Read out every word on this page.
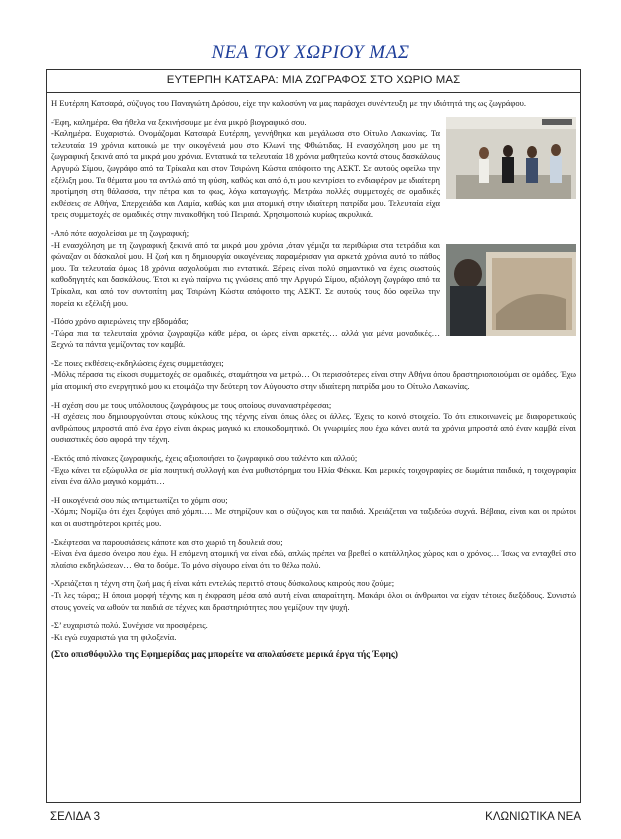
ΝΕΑ ΤΟΥ ΧΩΡΙΟΥ ΜΑΣ
ΕΥΤΕΡΠΗ ΚΑΤΣΑΡΑ: ΜΙΑ ΖΩΓΡΑΦΟΣ ΣΤΟ ΧΩΡΙΟ ΜΑΣ

Η Ευτέρπη Κατσαρά, σύζυγος του Παναγιώτη Δρόσου, είχε την καλοσύνη να μας παράσχει συνέντευξη με την ιδιότητά της ως ζωγράφου.

-Έφη, καλημέρα. Θα ήθελα να ξεκινήσουμε με ένα μικρό βιογραφικό σου.

-Καλημέρα. Ευχαριστώ. Ονομάζομαι Κατσαρά Ευτέρπη, γεννήθηκα και μεγάλωσα στο Οίτυλο Λακωνίας. Τα τελευταία 19 χρόνια κατοικώ με την οικογένειά μου στο Κλωνί της Φθιώτιδας. Η ενασχόληση μου με τη ζωγραφική ξεκινά από τα μικρά μου χρόνια. Εντατικά τα τελευταία 18 χρόνια μαθητεύω κοντά στους δασκάλους Αργυρώ Σίμου, ζωγράφο από τα Τρίκαλα και στον Τσιρώνη Κώστα απόφοιτο της ΑΣΚΤ. Σε αυτούς οφείλω την εξέλιξη μου. Τα θέματα μου τα αντλώ από τη φύση, καθώς και από ό,τι μου κεντρίσει το ενδιαφέρον με ιδιαίτερη προτίμηση στη θάλασσα, την πέτρα και το φως, λόγω καταγωγής. Μετράω πολλές συμμετοχές σε ομαδικές εκθέσεις σε Αθήνα, Σπερχειάδα και Λαμία, καθώς και μια ατομική στην ιδιαίτερη πατρίδα μου. Τελευταία είχα τρεις συμμετοχές σε ομαδικές στην πινακοθήκη τού Πειραιά. Χρησιμοποιώ κυρίως ακρυλικά.

-Από πότε ασχολείσαι με τη ζωγραφική;

-Η ενασχόληση με τη ζωγραφική ξεκινά από τα μικρά μου χρόνια ,όταν γέμιζα τα περιθώρια στα τετράδια και φώναζαν οι δάσκαλοί μου. Η ζωή και η δημιουργία οικογένειας παραμέρισαν για αρκετά χρόνια αυτό το πάθος μου. Τα τελευταία όμως 18 χρόνια ασχολούμαι πιο εντατικά. Ξέρεις είναι πολύ σημαντικό να έχεις σωστούς καθοδηγητές και δασκάλους. Έτσι κι εγώ παίρνω τις γνώσεις από την Αργυρώ Σίμου, αξιόλογη ζωγράφο από τα Τρίκαλα, και από τον συντοπίτη μας Τσιρώνη Κώστα απόφοιτο της ΑΣΚΤ. Σε αυτούς τους δύο οφείλω την πορεία κι εξέλιξή μου.

-Πόσο χρόνο αφιερώνεις την εβδομάδα;

-Τώρα πια τα τελευταία χρόνια ζωγραφίζω κάθε μέρα, οι ώρες είναι αρκετές… αλλά για μένα μοναδικές… Ξεχνώ τα πάντα γεμίζοντας τον καμβά.

-Σε ποιες εκθέσεις-εκδηλώσεις έχεις συμμετάσχει;

-Μόλις πέρασα τις είκοσι συμμετοχές σε ομαδικές, σταμάτησα να μετρώ… Οι περισσότερες είναι στην Αθήνα όπου δραστηριοποιούμαι σε ομάδες. Έχω μία ατομική στο ενεργητικό μου κι ετοιμάζω την δεύτερη τον Αύγουστο στην ιδιαίτερη πατρίδα μου το Οίτυλο Λακωνίας.

-Η σχέση σου με τους υπόλοιπους ζωγράφους με τους οποίους συναναστρέφεσαι;

-Η σχέσεις που δημιουργούνται στους κύκλους της τέχνης είναι όπως όλες οι άλλες. Έχεις το κοινό στοιχείο. Το ότι επικοινωνείς με διαφορετικούς ανθρώπους μπροστά από ένα έργο είναι άκρως μαγικό κι εποικοδομητικό. Οι γνωριμίες που έχω κάνει αυτά τα χρόνια μπροστά από έναν καμβά είναι ουσιαστικές όσο αφορά την τέχνη.

-Εκτός από πίνακες ζωγραφικής, έχεις αξιοποιήσει το ζωγραφικό σου ταλέντο και αλλού;

-Έχω κάνει τα εξώφυλλα σε μία ποιητική συλλογή και ένα μυθιστόρημα του Ηλία Φέκκα. Και μερικές τοιχογραφίες σε δωμάτια παιδικά, η τοιχογραφία είναι ένα άλλο μαγικό κομμάτι…

-Η οικογένειά σου πώς αντιμετωπίζει το χόμπι σου;

-Χόμπι; Νομίζω ότι έχει ξεφύγει από χόμπι…. Με στηρίζουν και ο σύζυγος και τα παιδιά. Χρειάζεται να ταξιδεύω συχνά. Βέβαια, είναι και οι πρώτοι και οι αυστηρότεροι κριτές μου.

-Σκέφτεσαι να παρουσιάσεις κάποτε και στο χωριό τη δουλειά σου;

-Είναι ένα άμεσο όνειρο που έχω. Η επόμενη ατομική να είναι εδώ, απλώς πρέπει να βρεθεί ο κατάλληλος χώρος και ο χρόνος… Ίσως να ενταχθεί στο πλαίσιο εκδηλώσεων… Θα το δούμε. Το μόνο σίγουρο είναι ότι το θέλω πολύ.

-Χρειάζεται η τέχνη στη ζωή μας ή είναι κάτι εντελώς περιττό στους δύσκολους καιρούς που ζούμε;

-Τι λες τώρα;; Η όποια μορφή τέχνης και η έκφραση μέσα από αυτή είναι απαραίτητη. Μακάρι όλοι οι άνθρωποι να είχαν τέτοιες διεξόδους. Συνιστώ στους γονείς να ωθούν τα παιδιά σε τέχνες και δραστηριότητες που γεμίζουν την ψυχή.

-Σ’ ευχαριστώ πολύ. Συνέχισε να προσφέρεις.

-Κι εγώ ευχαριστώ για τη φιλοξενία.

(Στο οπισθόφυλλο της Εφημερίδας μας μπορείτε να απολαύσετε μερικά έργα τής Έφης)
ΣΕΛΙΔΑ 3	ΚΛΩΝΙΩΤΙΚΑ ΝΕΑ
